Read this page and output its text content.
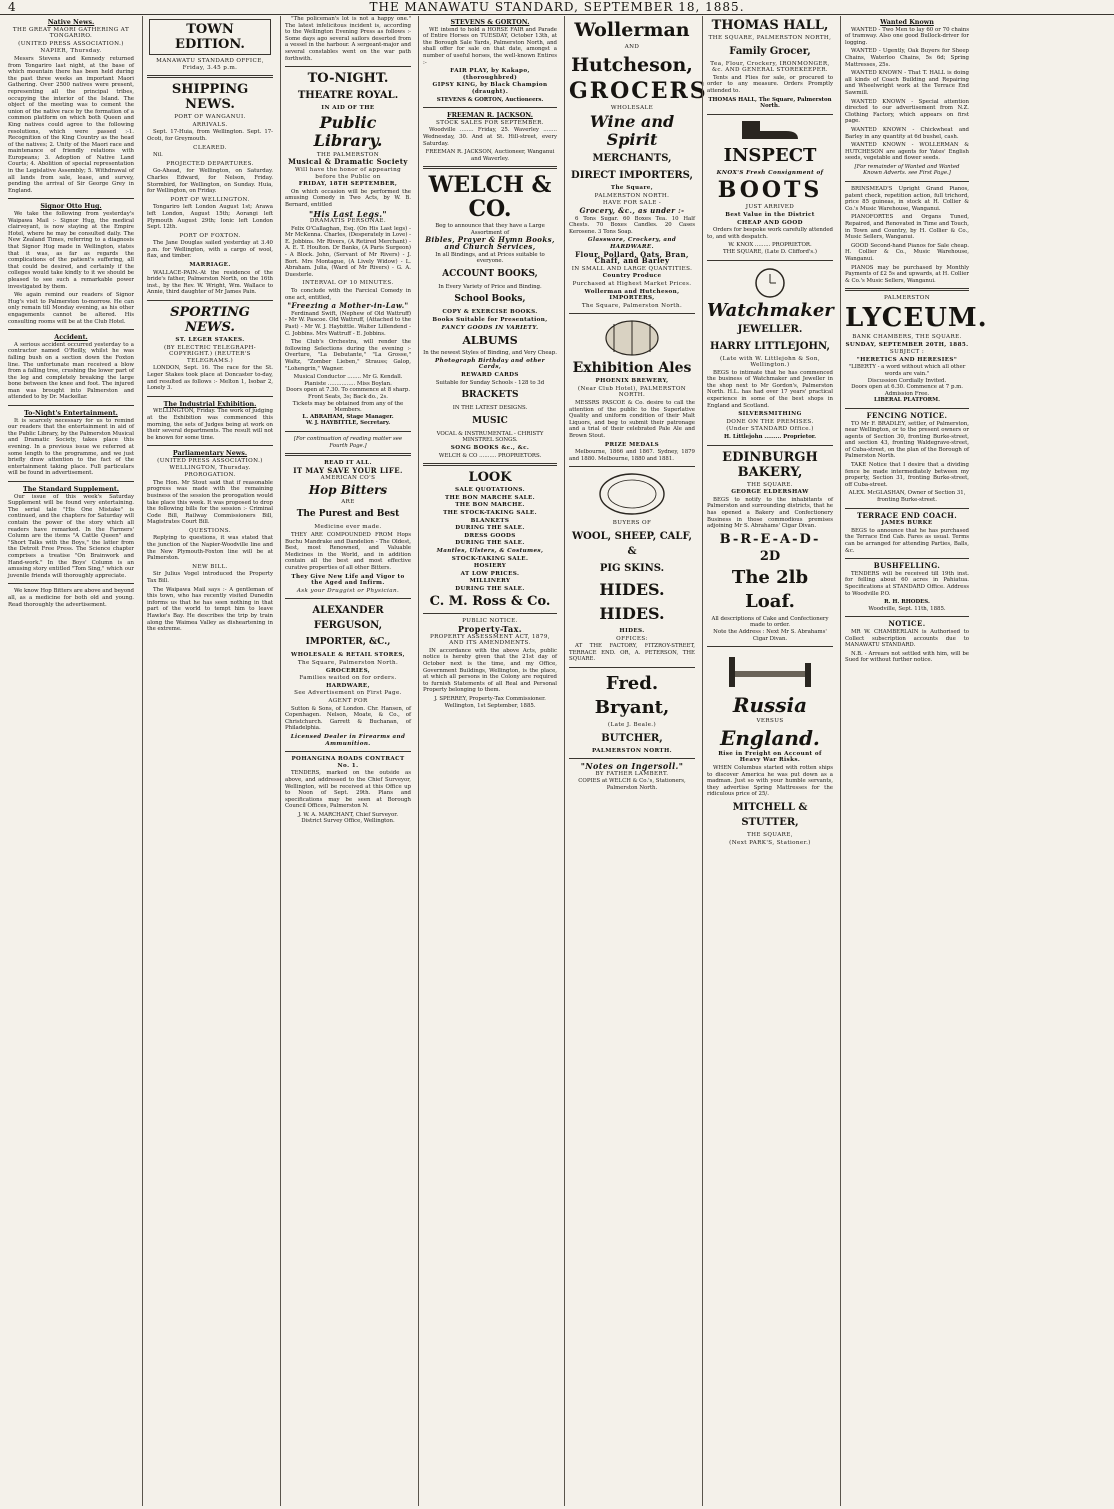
4	THE MANAWATU STANDARD, SEPTEMBER 18, 1885.
Native News.
THE GREAT MAORI GATHERING AT TONGARIRO.
(UNITED PRESS ASSOCIATION.)
NAPIER, Thursday.

Messrs Stevens and Kennedy returned from Tongariro last night, at the base of which mountain there has been held during the past three weeks an important Maori Gathering. Over 2500 natives were present, representing all the principal tribes, occupying the interior of the Island. The object of the meeting was to cement the union of the native race by the formation of a common platform on which both Queen and King natives could agree to the following resolutions, which were passed :-1. Recognition of the King Country as the head of the natives; 2. Unity of the Maori race and maintenance of friendly relations with Europeans; 3. Adoption of Native Land Courts; 4. Abolition of special representation in the Legislative Assembly; 5. Withdrawal of all lands from sale, lease, and survey, pending the arrival of Sir George Grey in England.

Signor Otto Hug.

We take the following from yesterday's Waipawa Mail :- Signor Hug, the medical clairvoyant, is now staying at the Empire Hotel, where he may be consulted daily. The New Zealand Times, referring to a diagnosis that Signor Hug made in Wellington, states that it was, as far as regards the complications of the patient's suffering, all that could be desired, and certainly if the colleges would take kindly to it we should be pleased to see such a remarkable power investigated by them.

We again remind our readers of Signor Hug's visit to Palmerston to-morrow. He can only remain till Monday evening, as his other engagements cannot be altered. His consulting rooms will be at the Club Hotel.

Accident.

A serious accident occurred yesterday to a contractor named O'Reilly, whilst he was falling bush on a section down the Foxton line. The unfortunate man received a blow from a falling tree, crushing the lower part of the leg and completely breaking the large bone between the knee and foot. The injured man was brought into Palmerston and attended to by Dr. Mackellar.

To-Night's Entertainment.

It is scarcely necessary for us to remind our readers that the entertainment in aid of the Public Library, by the Palmerston Musical and Dramatic Society, takes place this evening. In a previous issue we referred at some length to the programme, and we just briefly draw attention to the fact of the entertainment taking place. Full particulars will be found in advertisement.

The Standard Supplement.

Our issue of this week's Saturday Supplement will be found very entertaining. The serial tale "His One Mistake" is continued, and the chapters for Saturday will contain the power of the story which all readers have remarked. In the Farmers' Column are the items "A Cattle Queen" and "Short Talks with the Boys," the latter from the Detroit Free Press. The Science chapter comprises a treatise "On Brainwork and Hand-work." In the Boys' Column is an amusing story entitled "Tom Sing," which our juvenile friends will thoroughly appreciate.

We know Hop Bitters are above and beyond all, as a medicine for both old and young. Read thoroughly the advertisement.

TOWN EDITION.
MANAWATU STANDARD OFFICE, Friday, 3.45 p.m.
SHIPPING NEWS.
PORT OF WANGANUI.
ARRIVALS.

Sept. 17-Huia, from Wellington. Sept. 17-Ocoti, for Greymouth.

CLEARED.

Nil.

PROJECTED DEPARTURES.

Go-Ahead, for Wellington, on Saturday. Charles Edward, for Nelson, Friday. Stormbird, for Wellington, on Sunday. Huia, for Wellington, on Friday.

PORT OF WELLINGTON.

Tongariro left London August 1st; Arawa left London, August 15th; Aorangi left Plymouth August 29th; Ionic left London Sept. 12th.

PORT OF FOXTON.

The Jane Douglas sailed yesterday at 3.40 p.m. for Wellington, with a cargo of wool, flax, and timber.

MARRIAGE.

WALLACE-PAIN.-At the residence of the bride's father, Palmerston North, on the 16th inst., by the Rev. W. Wright, Wm. Wallace to Annie, third daughter of Mr James Pain.

SPORTING NEWS.
ST. LEGER STAKES.
(BY ELECTRIC TELEGRAPH-COPYRIGHT.) (REUTER'S TELEGRAMS.)

LONDON, Sept. 16. The race for the St. Leger Stakes took place at Doncaster to-day, and resulted as follows :- Melton 1, Isobar 2, Lonely 3.

The Industrial Exhibition.

WELLINGTON, Friday. The work of judging at the Exhibition was commenced this morning, the sets of Judges being at work on their several departments. The result will not be known for some time.

Parliamentary News.
(UNITED PRESS ASSOCIATION.) WELLINGTON, Thursday.
PROROGATION.

The Hon. Mr Stout said that if reasonable progress was made with the remaining business of the session the prorogation would take place this week. It was proposed to drop the following bills for the session :- Criminal Code Bill, Railway Commissioners Bill, Magistrates Court Bill.

QUESTIONS.

Replying to questions, it was stated that the junction of the Napier-Woodville line and the New Plymouth-Foxton line will be at Palmerston.

NEW BILL.

Sir Julius Vogel introduced the Property Tax Bill.

The Waipawa Mail says :- A gentleman of this town, who has recently visited Dunedin informs us that he has seen nothing in that part of the world to tempt him to leave Hawke's Bay. He describes the trip by train along the Waimea Valley as disheartening in the extreme.

"The policeman's lot is not a happy one." The latest infelicitous incident is, according to the Wellington Evening Press as follows :- Some days ago several sailors deserted from a vessel in the harbour. A sergeant-major and several constables went on the war path forthwith.

TO-NIGHT.
THEATRE ROYAL.
IN AID OF THE
Public Library.
THE PALMERSTON
Musical & Dramatic Society
Will have the honor of appearing before the Public on
FRIDAY, 18TH SEPTEMBER,

On which occasion will be performed the amusing Comedy in Two Acts, by W. B. Bernard, entitled

"His Last Legs."
DRAMATIS PERSONAE.

Felix O'Callaghan, Esq. (On His Last legs) - Mr McKenna. Charles, (Desperately in Love) - E. Jobbins. Mr Rivers, (A Retired Merchant) - A. E. T. Houlton. Dr Banks, (A Paris Surgeon) - A Block. John, (Servant of Mr Rivers) - J. Bort. Mrs Montague, (A Lively Widow) - L. Abraham. Julia, (Ward of Mr Rivers) - G. A. Duesterle.

INTERVAL OF 10 MINUTES.

To conclude with the Farcical Comedy in one act, entitled,

"Freezing a Mother-in-Law."

Ferdinand Swift, (Nephew of Old Wattruff) - Mr W. Pascoe. Old Wattruff, (Attached to the Past) - Mr W. J. Haybittle. Walter Lillendend - C. Jobbins. Mrs Wattruff - E. Jobbins.

The Club's Orchestra, will render the following Selections during the evening :- Overture, "La Debutante," "La Grosse," Waltz, "Zomber Lieben," Strauss; Galop, "Lohengrin," Wagner.

Musical Conductor ........ Mr G. Kendall.
Pianiste ................ Miss Boylan.
Doors open at 7.30. To commence at 8 sharp.
Front Seats, 3s; Back do., 2s.
Tickets may be obtained from any of the Members.
L. ABRAHAM, Stage Manager.
W. J. HAYBITTLE, Secretary.
[For continuation of reading matter see Fourth Page.]
READ IT ALL.
IT MAY SAVE YOUR LIFE.
AMERICAN CO'S
Hop Bitters
ARE
The Purest and Best
Medicine ever made.

THEY ARE COMPOUNDED FROM Hops Buchu Mandrake and Dandelion - The Oldest, Best, most Renowned, and Valuable Medicines in the World, and in addition contain all the best and most effective curative properties of all other Bitters.

They Give New Life and Vigor to the Aged and Infirm.
Ask your Druggist or Physician.
ALEXANDER FERGUSON,
IMPORTER, &C.,
WHOLESALE & RETAIL STORES,
The Square, Palmerston North.
GROCERIES,
Families waited on for orders.
HARDWARE,
See Advertisement on First Page.
AGENT FOR

Sutton & Sons, of London. Chr. Hansen, of Copenhagen. Nelson, Moate, & Co., of Christchurch. Garrett & Buchanan, of Philadelphia.

Licensed Dealer in Firearms and Ammunition.
POHANGINA ROADS CONTRACT No. 1.

TENDERS, marked on the outside as above, and addressed to the Chief Surveyor, Wellington, will be received at this Office up to Noon of Sept. 29th. Plans and specifications may be seen at Borough Council Offices, Palmerston N.

J. W. A. MARCHANT, Chief Surveyor.
District Survey Office, Wellington.
STEVENS & GORTON.

WE intend to hold a HORSE FAIR and Parade of Entire Horses on TUESDAY, October 13th, at the Borough Sale Yards, Palmerston North, and shall offer for sale on that date, amongst a number of useful horses, the well-known Entires :-

FAIR PLAY, by Kakapo, (thoroughbred)
GIPSY KING, by Black Champion (draught).
STEVENS & GORTON, Auctioneers.
FREEMAN R. JACKSON.
STOCK SALES FOR SEPTEMBER.

Woodville ........ Friday, 25. Waverley ........ Wednesday, 30. And at St. Hill-street, every Saturday.

FREEMAN R. JACKSON, Auctioneer, Wanganui and Waverley.
WELCH & CO.
Beg to announce that they have a Large Assortment of
Bibles, Prayer & Hymn Books, and Church Services,
In all Bindings, and at Prices suitable to everyone.
ACCOUNT BOOKS,
In Every Variety of Price and Binding.
School Books,
COPY & EXERCISE BOOKS.
Books Suitable for Presentation,
FANCY GOODS IN VARIETY.
ALBUMS
In the newest Styles of Binding, and Very Cheap.
Photograph Birthday and other Cards,
REWARD CARDS
Suitable for Sunday Schools - 128 to 3d
BRACKETS
IN THE LATEST DESIGNS.
MUSIC
VOCAL & INSTRUMENTAL - CHRISTY MINSTREL SONGS.
SONG BOOKS &c., &c.
WELCH & CO .......... PROPRIETORS.
LOOK
SALE QUOTATIONS.
THE BON MARCHE SALE.
THE BON MARCHE.
THE STOCK-TAKING SALE.
BLANKETS
DURING THE SALE.
DRESS GOODS
DURING THE SALE.
Mantles, Ulsters, & Costumes,
STOCK-TAKING SALE.
HOSIERY
AT LOW PRICES.
MILLINERY
DURING THE SALE.
C. M. Ross & Co.
PUBLIC NOTICE.
Property-Tax.
PROPERTY ASSESSMENT ACT, 1879, AND ITS AMENDMENTS.

IN accordance with the above Acts, public notice is hereby given that the 21st day of October next is the time, and my Office, Government Buildings, Wellington, is the place, at which all persons in the Colony are required to furnish Statements of all Real and Personal Property belonging to them.

J. SPERREY, Property-Tax Commissioner.
Wellington, 1st September, 1885.
Wollerman
AND
Hutcheson,
GROCERS
WHOLESALE
Wine and Spirit
MERCHANTS,
DIRECT IMPORTERS,
The Square,
PALMERSTON NORTH.
HAVE FOR SALE -
Grocery, &c., as under :-

6 Tons Sugar. 60 Boxes Tea. 10 Half Chests. 70 Boxes Candles. 20 Cases Kerosene. 3 Tons Soap.

Glassware, Crockery, and HARDWARE.
Flour, Pollard, Oats, Bran, Chaff, and Barley
IN SMALL AND LARGE QUANTITIES.
Country Produce
Purchased at Highest Market Prices.
Wollerman and Hutcheson, IMPORTERS,
The Square, Palmerston North.
Exhibition Ales
PHOENIX BREWERY,
(Near Club Hotel), PALMERSTON NORTH.

MESSRS PASCOE & Co. desire to call the attention of the public to the Superlative Quality and uniform condition of their Malt Liquors, and beg to submit their patronage and a trial of their celebrated Pale Ale and Brown Stout.

PRIZE MEDALS

Melbourne, 1866 and 1867. Sydney, 1879 and 1880. Melbourne, 1880 and 1881.

BUYERS OF
WOOL, SHEEP, CALF, &
PIG SKINS.
HIDES. HIDES.
HIDES.
OFFICES:

AT THE FACTORY, FITZROY-STREET, TERRACE END. OR, A. PETERSON, THE SQUARE.

Fred. Bryant,
(Late J. Beale.)
BUTCHER,
PALMERSTON NORTH.
"Notes on Ingersoll."
BY FATHER LAMBERT.
COPIES at WELCH & Co.'s, Stationers, Palmerston North.
THOMAS HALL,
THE SQUARE, PALMERSTON NORTH,
Family Grocer,
Tea, Flour, Crockery, IRONMONGER, &c. AND GENERAL STOREKEEPER.

Tents and Flies for sale, or procured to order to any measure. Orders Promptly attended to.

THOMAS HALL, The Square, Palmerston North.
INSPECT
KNOX'S Fresh Consignment of
BOOTS
JUST ARRIVED
Best Value in the District
CHEAP AND GOOD

Orders for bespoke work carefully attended to, and with despatch.

W. KNOX ......... PROPRIETOR.
THE SQUARE, (Late D. Clifford's.)
Watchmaker
JEWELLER.
HARRY LITTLEJOHN,
(Late with W. Littlejohn & Son, Wellington.)

BEGS to intimate that he has commenced the business of Watchmaker and Jeweller in the shop next to Mr Gordon's, Palmerston North. H.L. has had over 17 years' practical experience in some of the best shops in England and Scotland.

SILVERSMITHING
DONE ON THE PREMISES.
(Under STANDARD Office.)
H. Littlejohn ......... Proprietor.
EDINBURGH BAKERY,
THE SQUARE.
GEORGE ELDERSHAW

BEGS to notify to the inhabitants of Palmerston and surrounding districts, that he has opened a Bakery and Confectionery Business in those commodious premises adjoining Mr S. Abrahams' Cigar Divan.

B-R-E-A-D-
2D
The 2lb Loaf.
All descriptions of Cake and Confectionery made to order.
Note the Address : Next Mr S. Abrahams' Cigar Divan.
Russia
VERSUS
England.
Rise in Freight on Account of Heavy War Risks.

WHEN Columbus started with rotten ships to discover America he was put down as a madman. Just so with your humble servants, they advertise Spring Mattresses for the ridiculous price of 25/.

MITCHELL & STUTTER,
THE SQUARE,
(Next PARK'S, Stationer.)
Wanted Known

WANTED - Two Men to lay 60 or 70 chains of tramway. Also one good Bullock-driver for logging.

WANTED - Ugently, Oak Buyers for Sheep Chains, Waterloo Chains, 5s 6d; Spring Mattresses, 25s.

WANTED KNOWN - That T. HALL is doing all kinds of Coach Building and Repairing and Wheelwright work at the Terrace End Sawmill.

WANTED KNOWN - Special attention directed to our advertisement from N.Z. Clothing Factory, which appears on first page.

WANTED KNOWN - Chickwheat and Barley in any quantity at 6d bushel, cash.

WANTED KNOWN - WOLLERMAN & HUTCHESON are agents for Yates' English seeds, vegetable and flower seeds.

[For remainder of Wanted and Wanted Known Adverts. see First Page.]

BRINSMEAD'S Upright Grand Pianos, patent check, repetition action, full trichord, price 85 guineas, in stock at H. Collier & Co.'s Music Warehouse, Wanganui.

PIANOFORTES and Organs Tuned, Repaired, and Renovated in Time and Touch, in Town and Country, by H. Collier & Co., Music Sellers, Wanganui.

GOOD Second-hand Pianos for Sale cheap. H. Collier & Co., Music Warehouse, Wanganui.

PIANOS may be purchased by Monthly Payments of £2 5s and upwards, at H. Collier & Co.'s Music Sellers, Wanganui.

PALMERSTON
LYCEUM.
BANK CHAMBERS, THE SQUARE.
SUNDAY, SEPTEMBER 20TH, 1885.
SUBJECT :
"HERETICS AND HERESIES"
"LIBERTY - a word without which all other words are vain."
Discussion Cordially Invited.
Doors open at 6.30. Commence at 7 p.m.
Admission Free.
LIBERAL PLATFORM.
FENCING NOTICE.

TO Mr F. BRADLEY, settler, of Palmerston, near Wellington, or to the present owners or agents of Section 30, fronting Burke-street, and section 43, fronting Waldegrave-street, of Cuba-street, on the plan of the Borough of Palmerston North.

TAKE Notice that I desire that a dividing fence be made intermediately between my property, Section 31, fronting Burke-street, off Cuba-street.

ALEX. McGLASHAN, Owner of Section 31, fronting Burke-street.
TERRACE END COACH.
JAMES BURKE

BEGS to announce that he has purchased the Terrace End Cab. Fares as usual. Terms can be arranged for attending Parties, Balls, &c.

BUSHFELLING.

TENDERS will be received till 19th inst. for felling about 60 acres in Pahiatua. Specifications at STANDARD Office. Address to Woodville P.O.

R. H. RHODES.
Woodville, Sept. 11th, 1885.
NOTICE.

MR W. CHAMBERLAIN is Authorised to Collect subscription accounts due to MANAWATU STANDARD.

N.B. - Arrears not settled with him, will be Sued for without further notice.
